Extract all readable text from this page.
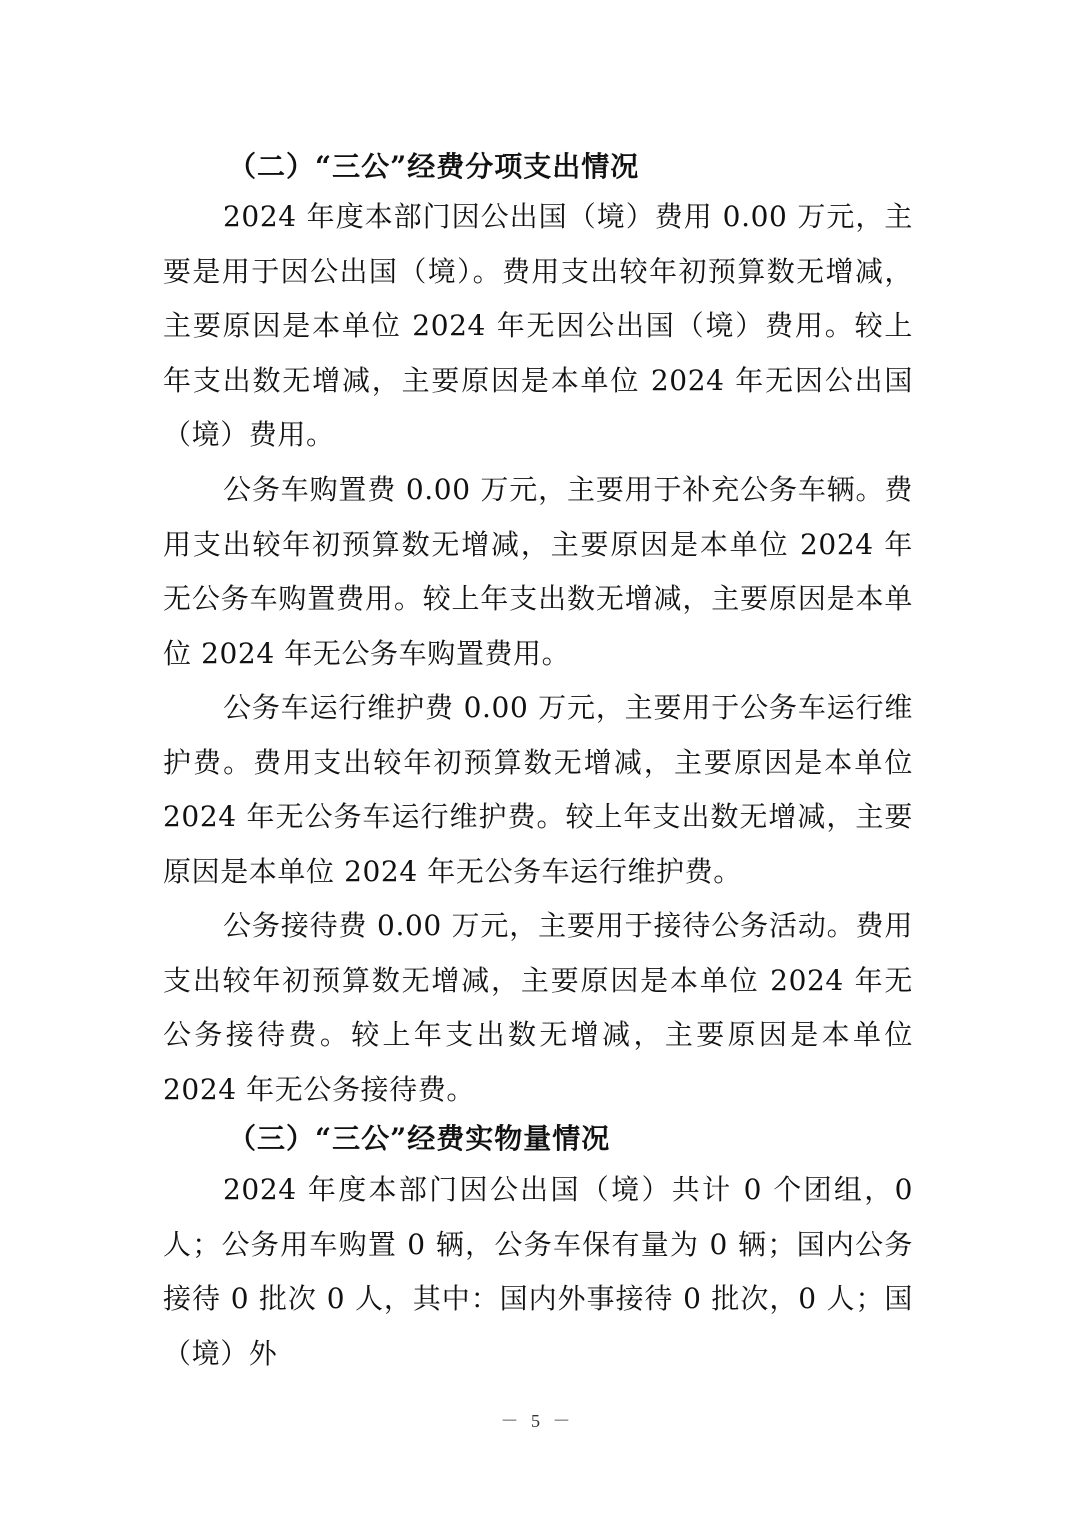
（二）“三公”经费分项支出情况

2024 年度本部门因公出国（境）费用 0.00 万元，主要是用于因公出国（境）。费用支出较年初预算数无增减，主要原因是本单位 2024 年无因公出国（境）费用。较上年支出数无增减，主要原因是本单位 2024 年无因公出国（境）费用。

公务车购置费 0.00 万元，主要用于补充公务车辆。费用支出较年初预算数无增减，主要原因是本单位 2024 年无公务车购置费用。较上年支出数无增减，主要原因是本单位 2024 年无公务车购置费用。

公务车运行维护费 0.00 万元，主要用于公务车运行维护费。费用支出较年初预算数无增减，主要原因是本单位 2024 年无公务车运行维护费。较上年支出数无增减，主要原因是本单位 2024 年无公务车运行维护费。

公务接待费 0.00 万元，主要用于接待公务活动。费用支出较年初预算数无增减，主要原因是本单位 2024 年无公务接待费。较上年支出数无增减，主要原因是本单位 2024 年无公务接待费。

（三）“三公”经费实物量情况

2024 年度本部门因公出国（境）共计 0 个团组，0 人；公务用车购置 0 辆，公务车保有量为 0 辆；国内公务接待 0 批次 0 人，其中：国内外事接待 0 批次，0 人；国（境）外

－ 5 －
